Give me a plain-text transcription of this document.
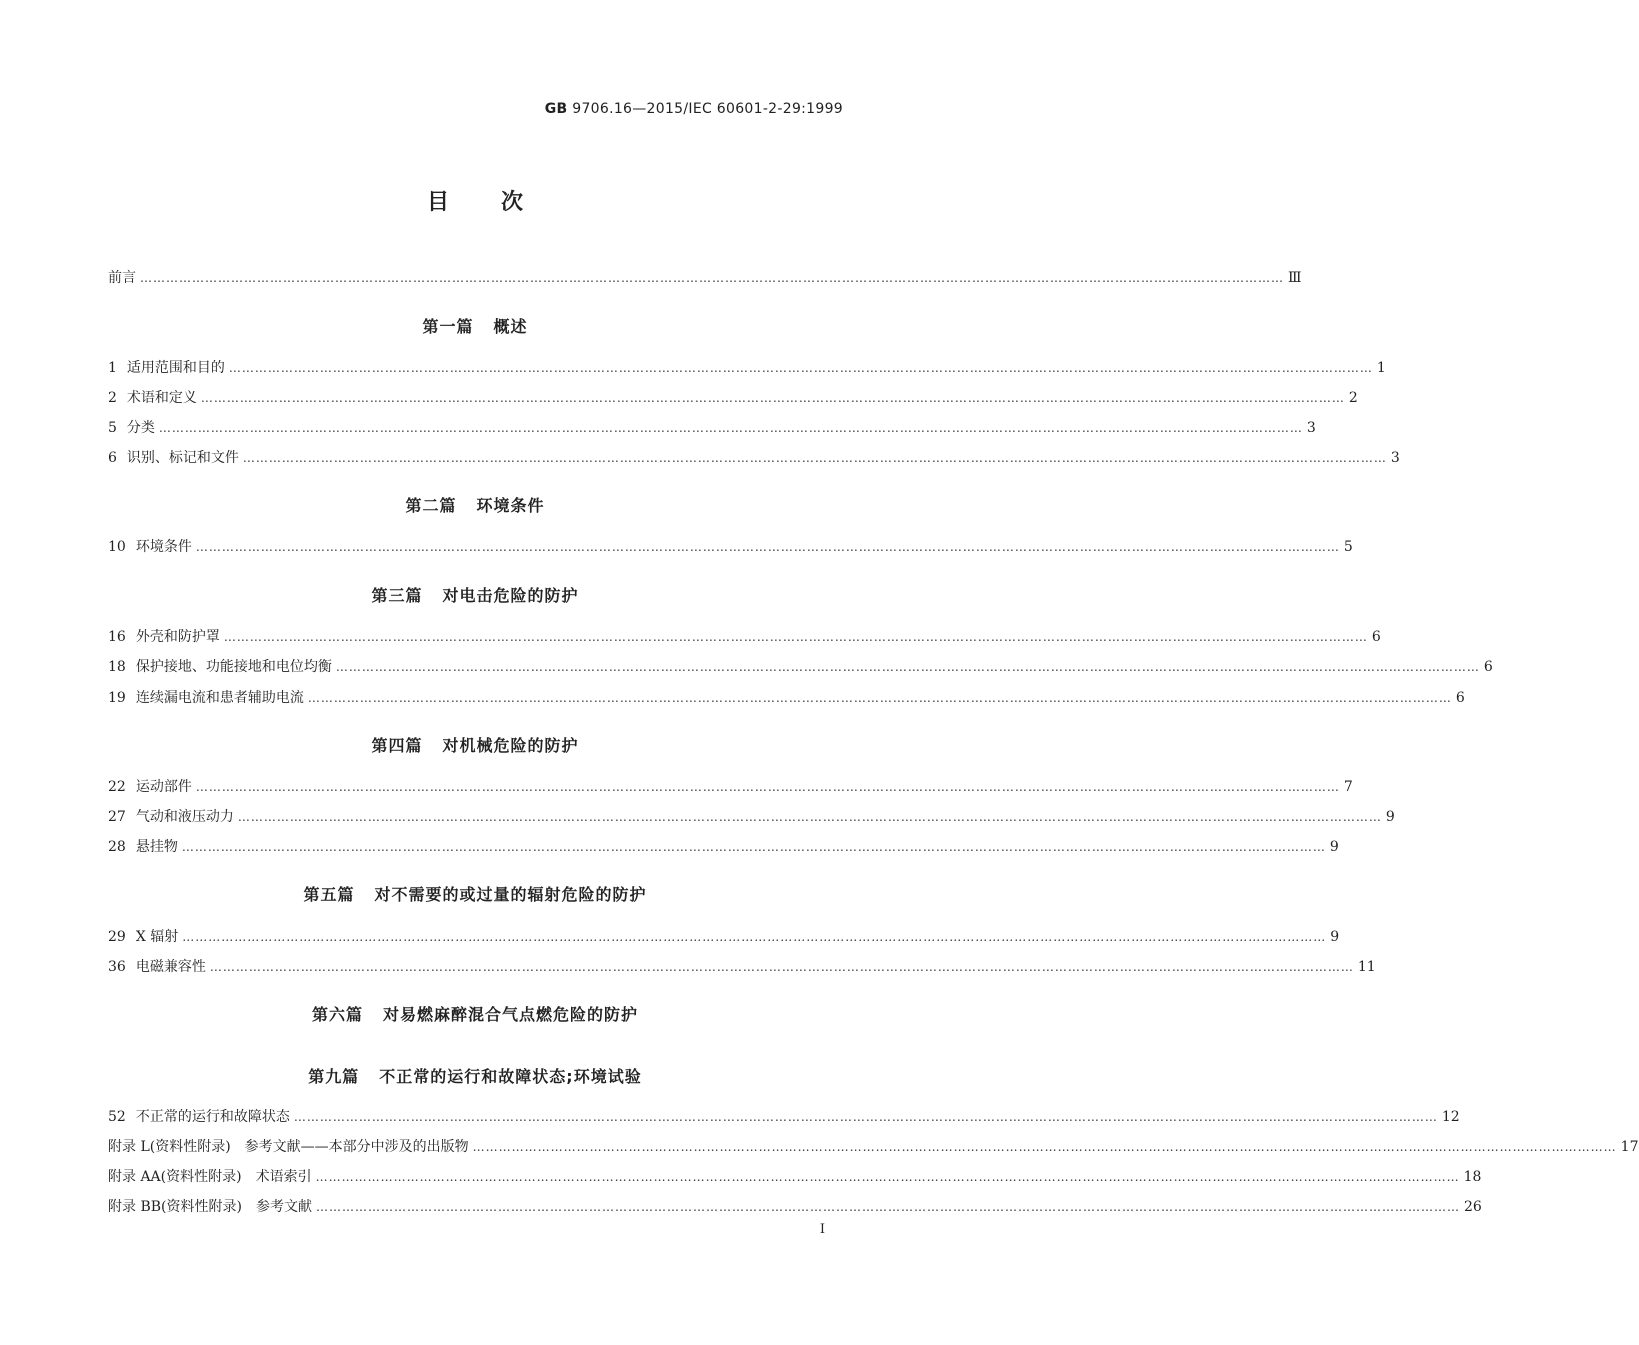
GB 9706.16—2015/IEC 60601-2-29:1999
目 次
前言 ………………………………………………………………………………………………………………………………………………………………………………………………………………………………………… Ⅲ
第一篇 概述
1 适用范围和目的 ………………………………………………………………………………………………………………………………………………………………………………………………………………………………………… 1
2 术语和定义 ………………………………………………………………………………………………………………………………………………………………………………………………………………………………………… 2
5 分类 ………………………………………………………………………………………………………………………………………………………………………………………………………………………………………… 3
6 识别、标记和文件 ………………………………………………………………………………………………………………………………………………………………………………………………………………………………………… 3
第二篇 环境条件
10 环境条件 ………………………………………………………………………………………………………………………………………………………………………………………………………………………………………… 5
第三篇 对电击危险的防护
16 外壳和防护罩 ………………………………………………………………………………………………………………………………………………………………………………………………………………………………………… 6
18 保护接地、功能接地和电位均衡 ………………………………………………………………………………………………………………………………………………………………………………………………………………………………………… 6
19 连续漏电流和患者辅助电流 ………………………………………………………………………………………………………………………………………………………………………………………………………………………………………… 6
第四篇 对机械危险的防护
22 运动部件 ………………………………………………………………………………………………………………………………………………………………………………………………………………………………………… 7
27 气动和液压动力 ………………………………………………………………………………………………………………………………………………………………………………………………………………………………………… 9
28 悬挂物 ………………………………………………………………………………………………………………………………………………………………………………………………………………………………………… 9
第五篇 对不需要的或过量的辐射危险的防护
29 X 辐射 ………………………………………………………………………………………………………………………………………………………………………………………………………………………………………… 9
36 电磁兼容性 ………………………………………………………………………………………………………………………………………………………………………………………………………………………………………… 11
第六篇 对易燃麻醉混合气点燃危险的防护
第九篇 不正常的运行和故障状态;环境试验
52 不正常的运行和故障状态 ………………………………………………………………………………………………………………………………………………………………………………………………………………………………………… 12
附录 L(资料性附录)　参考文献——本部分中涉及的出版物 ………………………………………………………………………………………………………………………………………………………………………………………………………………………………………… 17
附录 AA(资料性附录)　术语索引 ………………………………………………………………………………………………………………………………………………………………………………………………………………………………………… 18
附录 BB(资料性附录)　参考文献 ………………………………………………………………………………………………………………………………………………………………………………………………………………………………………… 26
I
